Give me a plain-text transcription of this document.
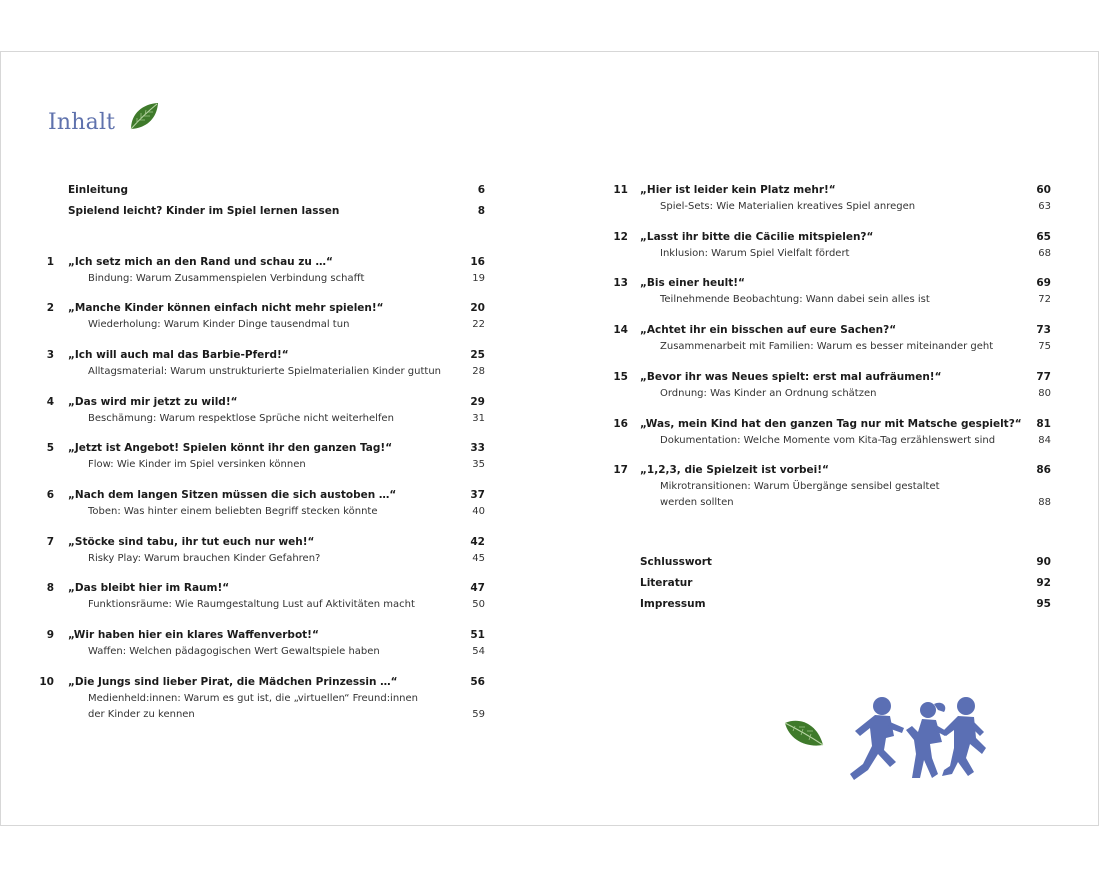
Inhalt
Einleitung	6
Spielend leicht? Kinder im Spiel lernen lassen	8
1 „Ich setz mich an den Rand und schau zu …“	16
Bindung: Warum Zusammenspielen Verbindung schafft	19
2 „Manche Kinder können einfach nicht mehr spielen!“	20
Wiederholung: Warum Kinder Dinge tausendmal tun	22
3 „Ich will auch mal das Barbie-Pferd!“	25
Alltagsmaterial: Warum unstrukturierte Spielmaterialien Kinder guttun	28
4 „Das wird mir jetzt zu wild!“	29
Beschämung: Warum respektlose Sprüche nicht weiterhelfen	31
5 „Jetzt ist Angebot! Spielen könnt ihr den ganzen Tag!“	33
Flow: Wie Kinder im Spiel versinken können	35
6 „Nach dem langen Sitzen müssen die sich austoben …“	37
Toben: Was hinter einem beliebten Begriff stecken könnte	40
7 „Stöcke sind tabu, ihr tut euch nur weh!“	42
Risky Play: Warum brauchen Kinder Gefahren?	45
8 „Das bleibt hier im Raum!“	47
Funktionsräume: Wie Raumgestaltung Lust auf Aktivitäten macht	50
9 „Wir haben hier ein klares Waffenverbot!“	51
Waffen: Welchen pädagogischen Wert Gewaltspiele haben	54
10 „Die Jungs sind lieber Pirat, die Mädchen Prinzessin …“	56
Medienheld:innen: Warum es gut ist, die „virtuellen“ Freund:innen
der Kinder zu kennen	59
11 „Hier ist leider kein Platz mehr!“	60
Spiel-Sets: Wie Materialien kreatives Spiel anregen	63
12 „Lasst ihr bitte die Cäcilie mitspielen?“	65
Inklusion: Warum Spiel Vielfalt fördert	68
13 „Bis einer heult!“	69
Teilnehmende Beobachtung: Wann dabei sein alles ist	72
14 „Achtet ihr ein bisschen auf eure Sachen?“	73
Zusammenarbeit mit Familien: Warum es besser miteinander geht	75
15 „Bevor ihr was Neues spielt: erst mal aufräumen!“	77
Ordnung: Was Kinder an Ordnung schätzen	80
16 „Was, mein Kind hat den ganzen Tag nur mit Matsche gespielt?“	81
Dokumentation: Welche Momente vom Kita-Tag erzählenswert sind	84
17 „1,2,3, die Spielzeit ist vorbei!“	86
Mikrotransitionen: Warum Übergänge sensibel gestaltet
werden sollten	88
Schlusswort	90
Literatur	92
Impressum	95
